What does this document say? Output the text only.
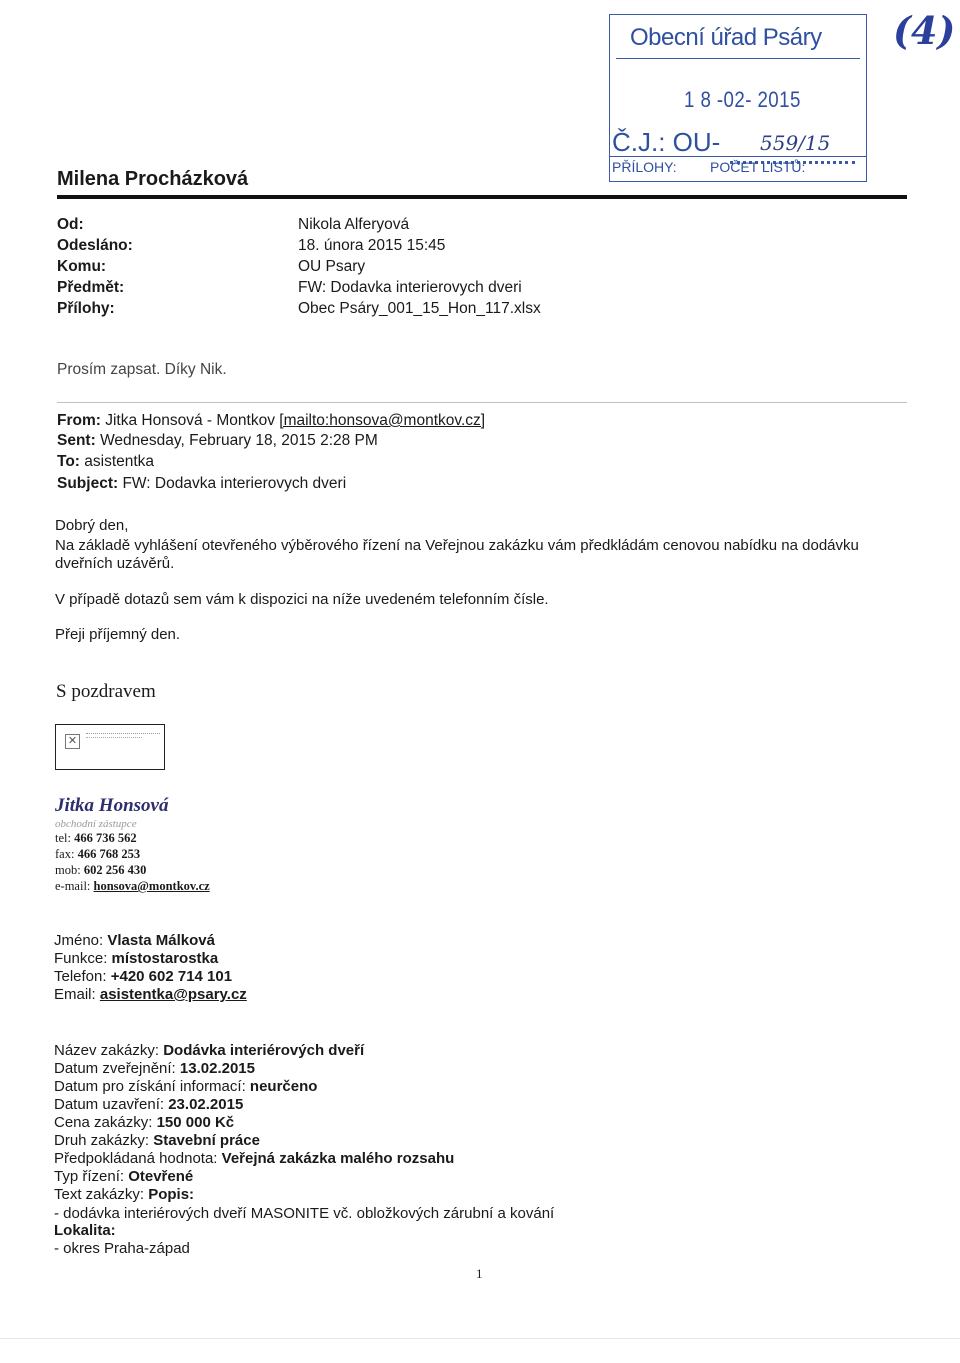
Obecní úřad Psáry
1 8 -02- 2015
Č.J.: OU- 559/15
PŘÍLOHY: POČET LISTŮ:
(4)
Milena Procházková
Od:	Nikola Alferyová
Odesláno:	18. února 2015 15:45
Komu:	OU Psary
Předmět:	FW: Dodavka interierovych dveri
Přílohy:	Obec Psáry_001_15_Hon_117.xlsx
Prosím zapsat. Díky Nik.
From: Jitka Honsová - Montkov [mailto:honsova@montkov.cz]
Sent: Wednesday, February 18, 2015 2:28 PM
To: asistentka
Subject: FW: Dodavka interierovych dveri
Dobrý den,
Na základě vyhlášení otevřeného výběrového řízení na Veřejnou zakázku vám předkládám cenovou nabídku na dodávku
dveřních uzávěrů.
V případě dotazů sem vám k dispozici na níže uvedeném telefonním čísle.
Přeji příjemný den.
S pozdravem
✕
Jitka Honsová
obchodní zástupce
tel: 466 736 562
fax: 466 768 253
mob: 602 256 430
e-mail: honsova@montkov.cz
Jméno: Vlasta Málková
Funkce: místostarostka
Telefon: +420 602 714 101
Email: asistentka@psary.cz
Název zakázky: Dodávka interiérových dveří
Datum zveřejnění: 13.02.2015
Datum pro získání informací: neurčeno
Datum uzavření: 23.02.2015
Cena zakázky: 150 000 Kč
Druh zakázky: Stavební práce
Předpokládaná hodnota: Veřejná zakázka malého rozsahu
Typ řízení: Otevřené
Text zakázky: Popis:
- dodávka interiérových dveří MASONITE vč. obložkových zárubní a kování
Lokalita:
- okres Praha-západ
1
